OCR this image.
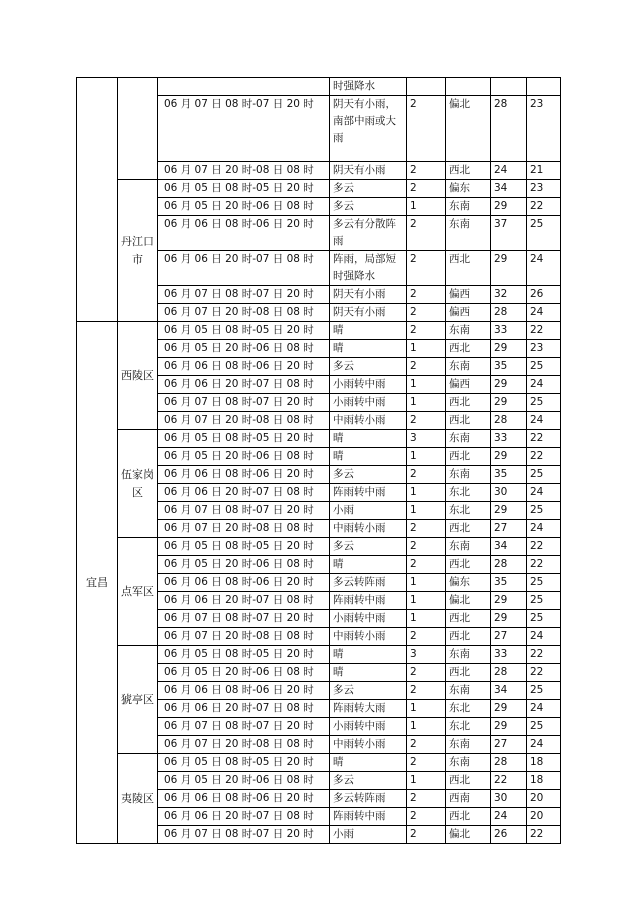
			时强降水				
		06 月 07 日 08 时-07 日 20 时	阴天有小雨，南部中雨或大雨	2	偏北	28	23
		06 月 07 日 20 时-08 日 08 时	阴天有小雨	2	西北	24	21
	丹江口市	06 月 05 日 08 时-05 日 20 时	多云	2	偏东	34	23
		06 月 05 日 20 时-06 日 08 时	多云	1	东南	29	22
		06 月 06 日 08 时-06 日 20 时	多云有分散阵雨	2	东南	37	25
		06 月 06 日 20 时-07 日 08 时	阵雨，局部短时强降水	2	西北	29	24
		06 月 07 日 08 时-07 日 20 时	阴天有小雨	2	偏西	32	26
		06 月 07 日 20 时-08 日 08 时	阴天有小雨	2	偏西	28	24
宜昌	西陵区	06 月 05 日 08 时-05 日 20 时	晴	2	东南	33	22
		06 月 05 日 20 时-06 日 08 时	晴	1	西北	29	23
		06 月 06 日 08 时-06 日 20 时	多云	2	东南	35	25
		06 月 06 日 20 时-07 日 08 时	小雨转中雨	1	偏西	29	24
		06 月 07 日 08 时-07 日 20 时	小雨转中雨	1	西北	29	25
		06 月 07 日 20 时-08 日 08 时	中雨转小雨	2	西北	28	24
	伍家岗区	06 月 05 日 08 时-05 日 20 时	晴	3	东南	33	22
		06 月 05 日 20 时-06 日 08 时	晴	1	西北	29	22
		06 月 06 日 08 时-06 日 20 时	多云	2	东南	35	25
		06 月 06 日 20 时-07 日 08 时	阵雨转中雨	1	东北	30	24
		06 月 07 日 08 时-07 日 20 时	小雨	1	东北	29	25
		06 月 07 日 20 时-08 日 08 时	中雨转小雨	2	西北	27	24
	点军区	06 月 05 日 08 时-05 日 20 时	多云	2	东南	34	22
		06 月 05 日 20 时-06 日 08 时	晴	2	西北	28	22
		06 月 06 日 08 时-06 日 20 时	多云转阵雨	1	偏东	35	25
		06 月 06 日 20 时-07 日 08 时	阵雨转中雨	1	偏北	29	25
		06 月 07 日 08 时-07 日 20 时	小雨转中雨	1	西北	29	25
		06 月 07 日 20 时-08 日 08 时	中雨转小雨	2	西北	27	24
	猇亭区	06 月 05 日 08 时-05 日 20 时	晴	3	东南	33	22
		06 月 05 日 20 时-06 日 08 时	晴	2	西北	28	22
		06 月 06 日 08 时-06 日 20 时	多云	2	东南	34	25
		06 月 06 日 20 时-07 日 08 时	阵雨转大雨	1	东北	29	24
		06 月 07 日 08 时-07 日 20 时	小雨转中雨	1	东北	29	25
		06 月 07 日 20 时-08 日 08 时	中雨转小雨	2	东南	27	24
	夷陵区	06 月 05 日 08 时-05 日 20 时	晴	2	东南	28	18
		06 月 05 日 20 时-06 日 08 时	多云	1	西北	22	18
		06 月 06 日 08 时-06 日 20 时	多云转阵雨	2	西南	30	20
		06 月 06 日 20 时-07 日 08 时	阵雨转中雨	2	西北	24	20
		06 月 07 日 08 时-07 日 20 时	小雨	2	偏北	26	22
